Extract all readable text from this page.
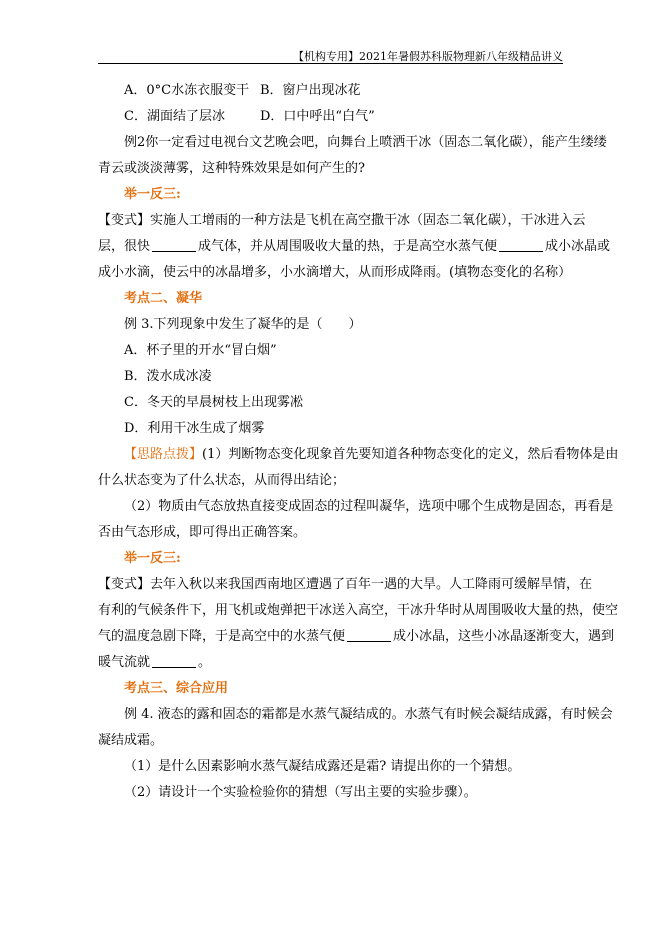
【机构专用】2021年暑假苏科版物理新八年级精品讲义
A．0°C水冻衣服变干 B．窗户出现冰花
C．湖面结了层冰	D．口中呼出“白气”
例2你一定看过电视台文艺晚会吧，向舞台上喷洒干冰（固态二氧化碳），能产生缕缕
青云或淡淡薄雾，这种特殊效果是如何产生的?
举一反三:
【变式】实施人工增雨的一种方法是飞机在高空撒干冰（固态二氧化碳），干冰进入云
层，很快	成气体，并从周围吸收大量的热，于是高空水蒸气便	成小冰晶或
成小水滴，使云中的冰晶增多，小水滴增大，从而形成降雨。(填物态变化的名称）
考点二、凝华
例 3.下列现象中发生了凝华的是（　　）
A．杯子里的开水“冒白烟”
B．泼水成冰凌
C．冬天的早晨树枝上出现雾凇
D．利用干冰生成了烟雾
【思路点拨】(1）判断物态变化现象首先要知道各种物态变化的定义，然后看物体是由
什么状态变为了什么状态，从而得出结论；
（2）物质由气态放热直接变成固态的过程叫凝华，选项中哪个生成物是固态，再看是
否由气态形成，即可得出正确答案。
举一反三:
【变式】去年入秋以来我国西南地区遭遇了百年一遇的大旱。人工降雨可缓解旱情，在
有利的气候条件下，用飞机或炮弹把干冰送入高空，干冰升华时从周围吸收大量的热，使空
气的温度急剧下降，于是高空中的水蒸气便	成小冰晶，这些小冰晶逐渐变大，遇到
暖气流就	。
考点三、综合应用
例 4. 液态的露和固态的霜都是水蒸气凝结成的。水蒸气有时候会凝结成露，有时候会
凝结成霜。
（1）是什么因素影响水蒸气凝结成露还是霜? 请提出你的一个猜想。
（2）请设计一个实验检验你的猜想（写出主要的实验步骤）。
